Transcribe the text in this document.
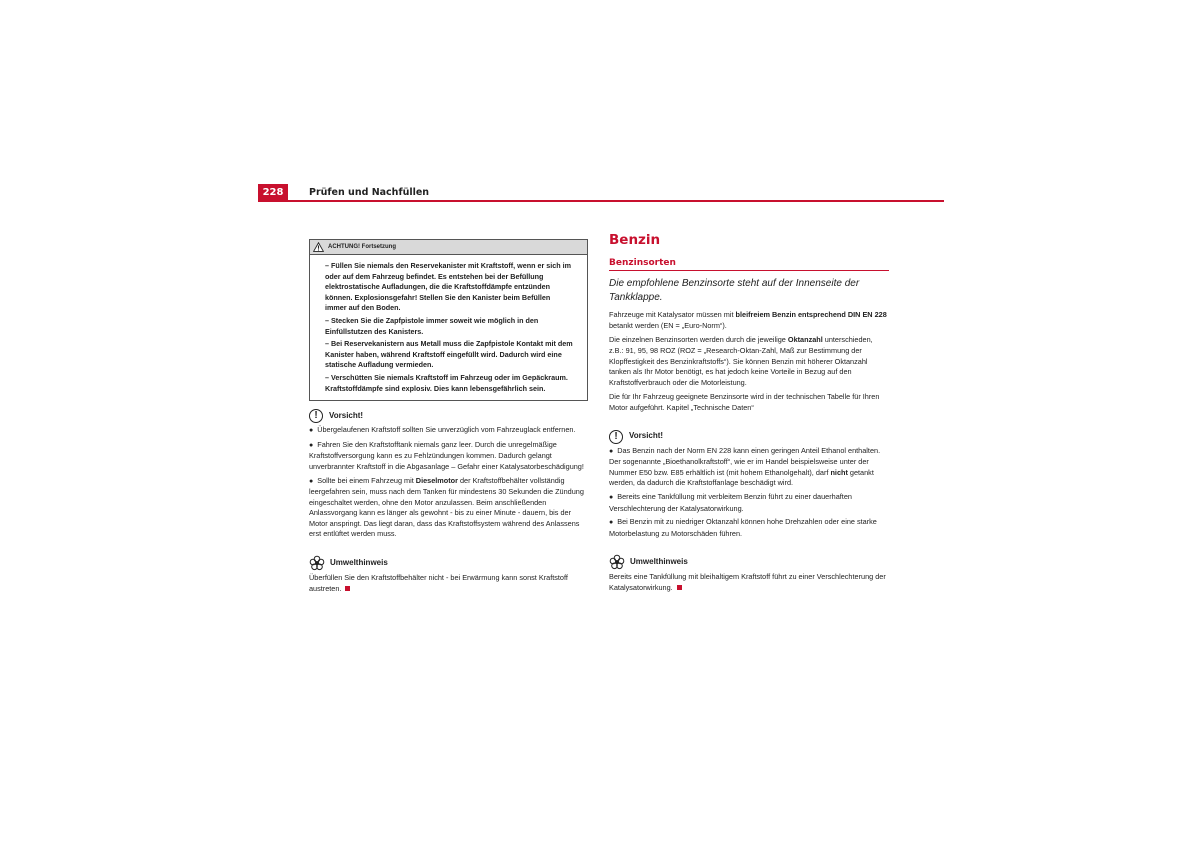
228	Prüfen und Nachfüllen
ACHTUNG! Fortsetzung

– Füllen Sie niemals den Reservekanister mit Kraftstoff, wenn er sich im oder auf dem Fahrzeug befindet. Es entstehen bei der Befüllung elektrostatische Aufladungen, die die Kraftstoffdämpfe entzünden können. Explosionsgefahr! Stellen Sie den Kanister beim Befüllen immer auf den Boden.

– Stecken Sie die Zapfpistole immer soweit wie möglich in den Einfüllstutzen des Kanisters.

– Bei Reservekanistern aus Metall muss die Zapfpistole Kontakt mit dem Kanister haben, während Kraftstoff eingefüllt wird. Dadurch wird eine statische Aufladung vermieden.

– Verschütten Sie niemals Kraftstoff im Fahrzeug oder im Gepäckraum. Kraftstoffdämpfe sind explosiv. Dies kann lebensgefährlich sein.

!	Vorsicht!

● Übergelaufenen Kraftstoff sollten Sie unverzüglich vom Fahrzeuglack entfernen.

● Fahren Sie den Kraftstofftank niemals ganz leer. Durch die unregelmäßige Kraftstoffversorgung kann es zu Fehlzündungen kommen. Dadurch gelangt unverbrannter Kraftstoff in die Abgasanlage – Gefahr einer Katalysatorbeschädigung!

● Sollte bei einem Fahrzeug mit Dieselmotor der Kraftstoffbehälter vollständig leergefahren sein, muss nach dem Tanken für mindestens 30 Sekunden die Zündung eingeschaltet werden, ohne den Motor anzulassen. Beim anschließenden Anlassvorgang kann es länger als gewohnt - bis zu einer Minute - dauern, bis der Motor anspringt. Das liegt daran, dass das Kraftstoffsystem während des Anlassens erst entlüftet werden muss.

Umwelthinweis

Überfüllen Sie den Kraftstoffbehälter nicht - bei Erwärmung kann sonst Kraftstoff austreten.

Benzin
Benzinsorten

Die empfohlene Benzinsorte steht auf der Innenseite der Tankklappe.

Fahrzeuge mit Katalysator müssen mit bleifreiem Benzin entsprechend DIN EN 228 betankt werden (EN = „Euro-Norm“).

Die einzelnen Benzinsorten werden durch die jeweilige Oktanzahl unterschieden, z.B.: 91, 95, 98 ROZ (ROZ = „Research-Oktan-Zahl, Maß zur Bestimmung der Klopffestigkeit des Benzinkraftstoffs“). Sie können Benzin mit höherer Oktanzahl tanken als Ihr Motor benötigt, es hat jedoch keine Vorteile in Bezug auf den Kraftstoffverbrauch oder die Motorleistung.

Die für Ihr Fahrzeug geeignete Benzinsorte wird in der technischen Tabelle für Ihren Motor aufgeführt. Kapitel „Technische Daten“

!	Vorsicht!

● Das Benzin nach der Norm EN 228 kann einen geringen Anteil Ethanol enthalten. Der sogenannte „Bioethanolkraftstoff“, wie er im Handel beispielsweise unter der Nummer E50 bzw. E85 erhältlich ist (mit hohem Ethanolgehalt), darf nicht getankt werden, da dadurch die Kraftstoffanlage beschädigt wird.

● Bereits eine Tankfüllung mit verbleitem Benzin führt zu einer dauerhaften Verschlechterung der Katalysatorwirkung.

● Bei Benzin mit zu niedriger Oktanzahl können hohe Drehzahlen oder eine starke Motorbelastung zu Motorschäden führen.

Umwelthinweis

Bereits eine Tankfüllung mit bleihaltigem Kraftstoff führt zu einer Verschlechterung der Katalysatorwirkung.
